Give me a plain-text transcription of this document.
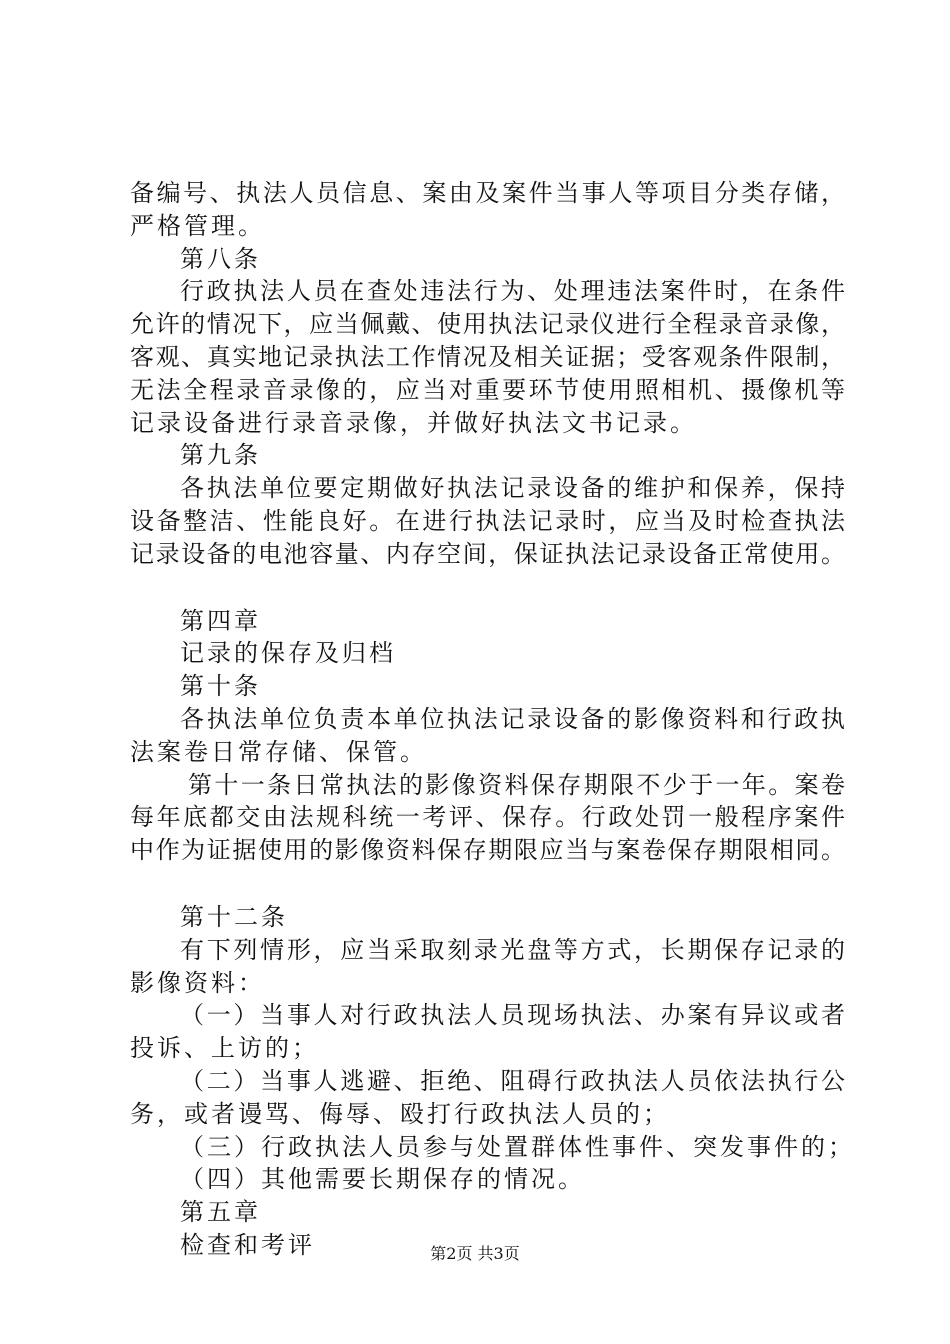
备编号、执法人员信息、案由及案件当事人等项目分类存储，
严格管理。
第八条
行政执法人员在查处违法行为、处理违法案件时，在条件
允许的情况下，应当佩戴、使用执法记录仪进行全程录音录像，
客观、真实地记录执法工作情况及相关证据；受客观条件限制，
无法全程录音录像的，应当对重要环节使用照相机、摄像机等
记录设备进行录音录像，并做好执法文书记录。
第九条
各执法单位要定期做好执法记录设备的维护和保养，保持
设备整洁、性能良好。在进行执法记录时，应当及时检查执法
记录设备的电池容量、内存空间，保证执法记录设备正常使用。
第四章
记录的保存及归档
第十条
各执法单位负责本单位执法记录设备的影像资料和行政执
法案卷日常存储、保管。
第十一条日常执法的影像资料保存期限不少于一年。案卷
每年底都交由法规科统一考评、保存。行政处罚一般程序案件
中作为证据使用的影像资料保存期限应当与案卷保存期限相同。
第十二条
有下列情形，应当采取刻录光盘等方式，长期保存记录的
影像资料：
（一）当事人对行政执法人员现场执法、办案有异议或者
投诉、上访的；
（二）当事人逃避、拒绝、阻碍行政执法人员依法执行公
务，或者谩骂、侮辱、殴打行政执法人员的；
（三）行政执法人员参与处置群体性事件、突发事件的；
（四）其他需要长期保存的情况。
第五章
检查和考评	第2页 共3页
